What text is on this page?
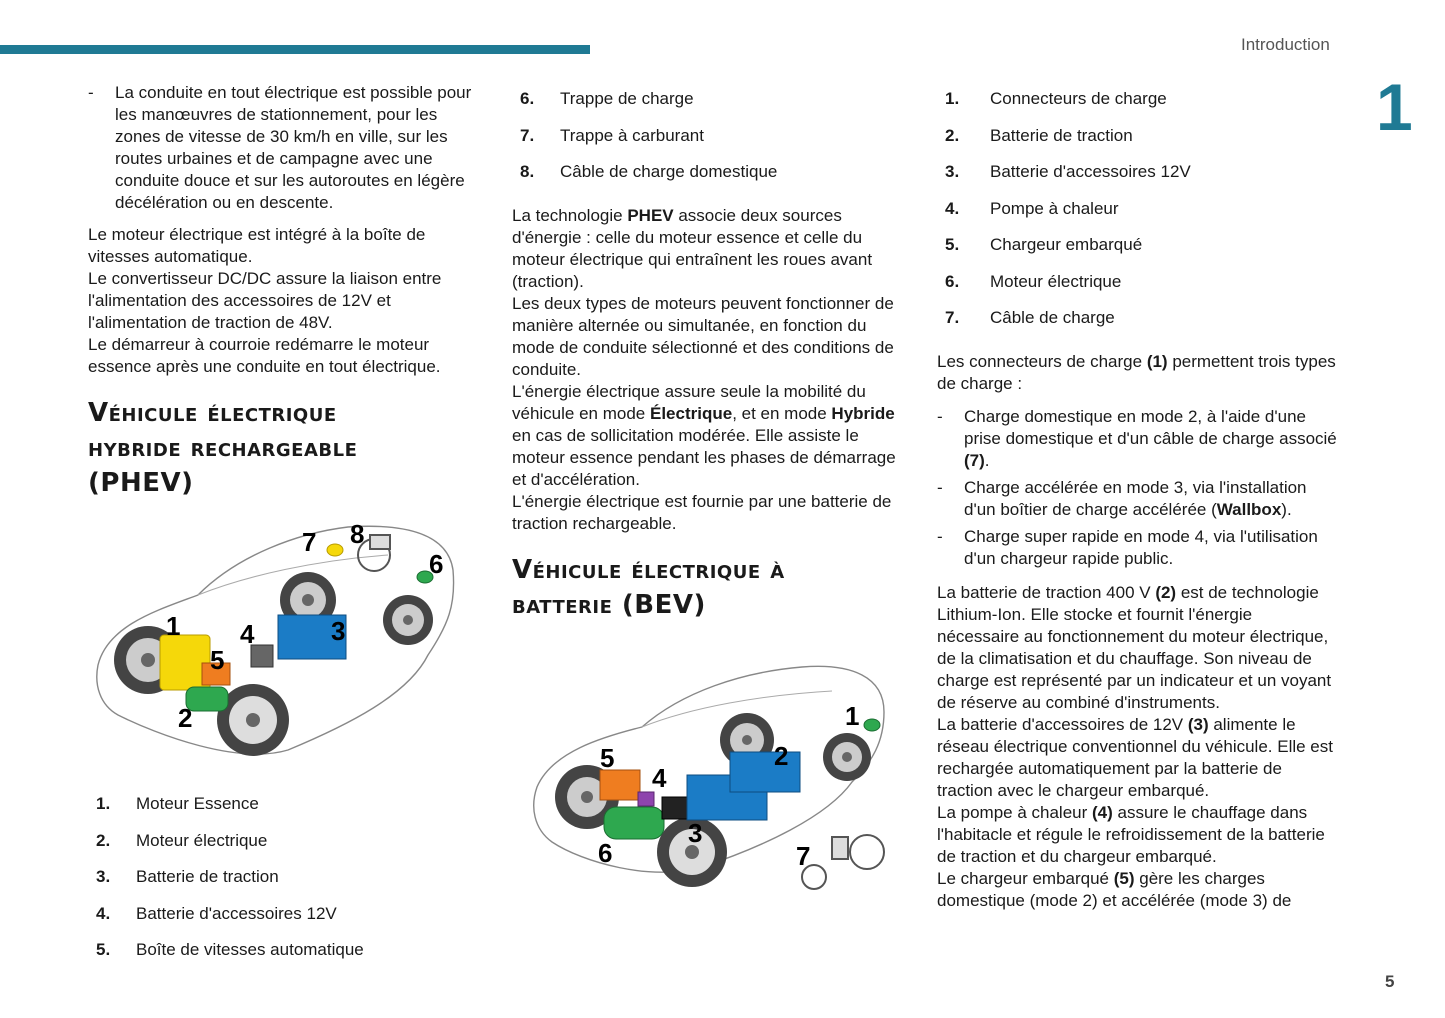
Introduction
1
5
- La conduite en tout électrique est possible pour les manœuvres de stationnement, pour les zones de vitesse de 30 km/h en ville, sur les routes urbaines et de campagne avec une conduite douce et sur les autoroutes en légère décélération ou en descente.

Le moteur électrique est intégré à la boîte de vitesses automatique.
Le convertisseur DC/DC assure la liaison entre l'alimentation des accessoires de 12V et l'alimentation de traction de 48V.
Le démarreur à courroie redémarre le moteur essence après une conduite en tout électrique.

Véhicule électrique
hybride rechargeable
(PHEV)
1
2
3
4
5
6
7 8
1. Moteur Essence
2. Moteur électrique
3. Batterie de traction
4. Batterie d'accessoires 12V
5. Boîte de vitesses automatique
6. Trappe de charge
7. Trappe à carburant
8. Câble de charge domestique

La technologie PHEV associe deux sources d'énergie : celle du moteur essence et celle du moteur électrique qui entraînent les roues avant (traction).
Les deux types de moteurs peuvent fonctionner de manière alternée ou simultanée, en fonction du mode de conduite sélectionné et des conditions de conduite.
L'énergie électrique assure seule la mobilité du véhicule en mode Électrique, et en mode Hybride en cas de sollicitation modérée. Elle assiste le moteur essence pendant les phases de démarrage et d'accélération.
L'énergie électrique est fournie par une batterie de traction rechargeable.

Véhicule électrique à
batterie (BEV)
5
6
4
3
2
1
7
1. Connecteurs de charge
2. Batterie de traction
3. Batterie d'accessoires 12V
4. Pompe à chaleur
5. Chargeur embarqué
6. Moteur électrique
7. Câble de charge

Les connecteurs de charge (1) permettent trois types de charge :

- Charge domestique en mode 2, à l'aide d'une prise domestique et d'un câble de charge associé (7).
- Charge accélérée en mode 3, via l'installation d'un boîtier de charge accélérée (Wallbox).
- Charge super rapide en mode 4, via l'utilisation d'un chargeur rapide public.

La batterie de traction 400 V (2) est de technologie Lithium-Ion. Elle stocke et fournit l'énergie nécessaire au fonctionnement du moteur électrique, de la climatisation et du chauffage. Son niveau de charge est représenté par un indicateur et un voyant de réserve au combiné d'instruments.
La batterie d'accessoires de 12V (3) alimente le réseau électrique conventionnel du véhicule. Elle est rechargée automatiquement par la batterie de traction avec le chargeur embarqué.
La pompe à chaleur (4) assure le chauffage dans l'habitacle et régule le refroidissement de la batterie de traction et du chargeur embarqué.
Le chargeur embarqué (5) gère les charges domestique (mode 2) et accélérée (mode 3) de
